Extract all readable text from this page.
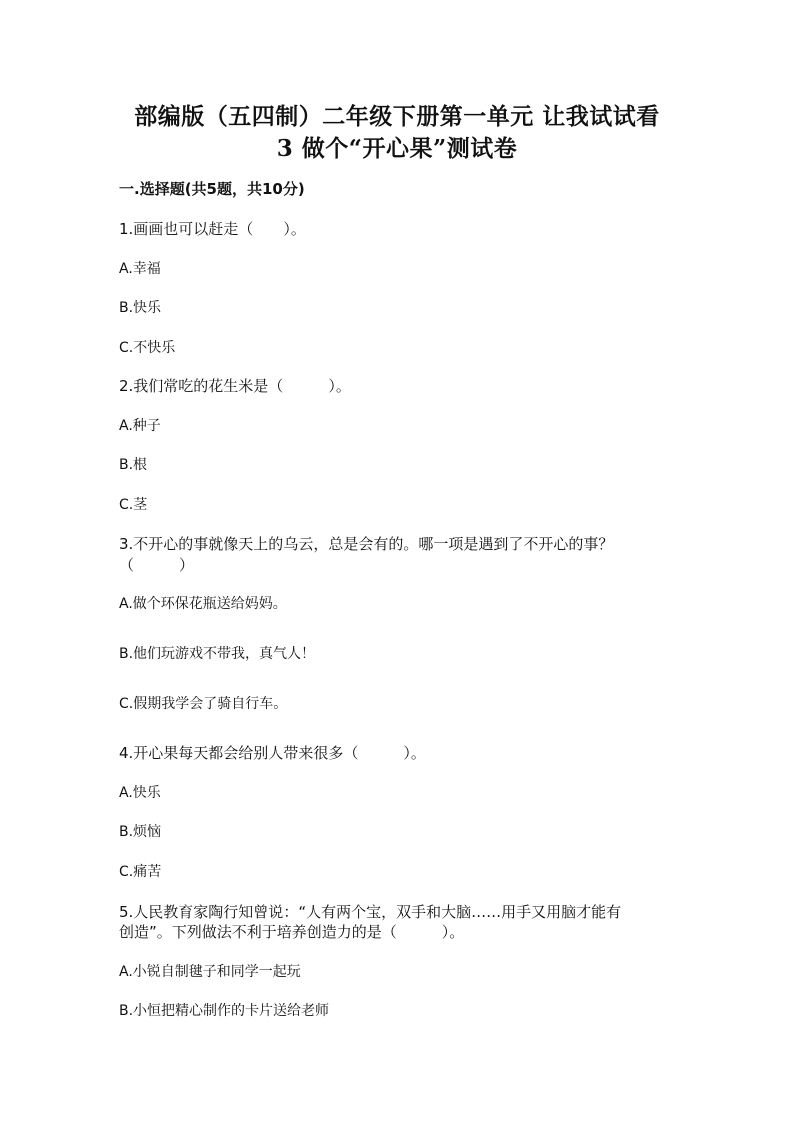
部编版（五四制）二年级下册第一单元 让我试试看
3 做个“开心果”测试卷
一.选择题(共5题，共10分)
1.画画也可以赶走（　　）。
A.幸福
B.快乐
C.不快乐
2.我们常吃的花生米是（　　　）。
A.种子
B.根
C.茎
3.不开心的事就像天上的乌云，总是会有的。哪一项是遇到了不开心的事？
（　　　）
A.做个环保花瓶送给妈妈。
B.他们玩游戏不带我，真气人！
C.假期我学会了骑自行车。
4.开心果每天都会给别人带来很多（　　　）。
A.快乐
B.烦恼
C.痛苦
5.人民教育家陶行知曾说：“人有两个宝，双手和大脑……用手又用脑才能有
创造”。下列做法不利于培养创造力的是（　　　）。
A.小锐自制毽子和同学一起玩
B.小恒把精心制作的卡片送给老师
